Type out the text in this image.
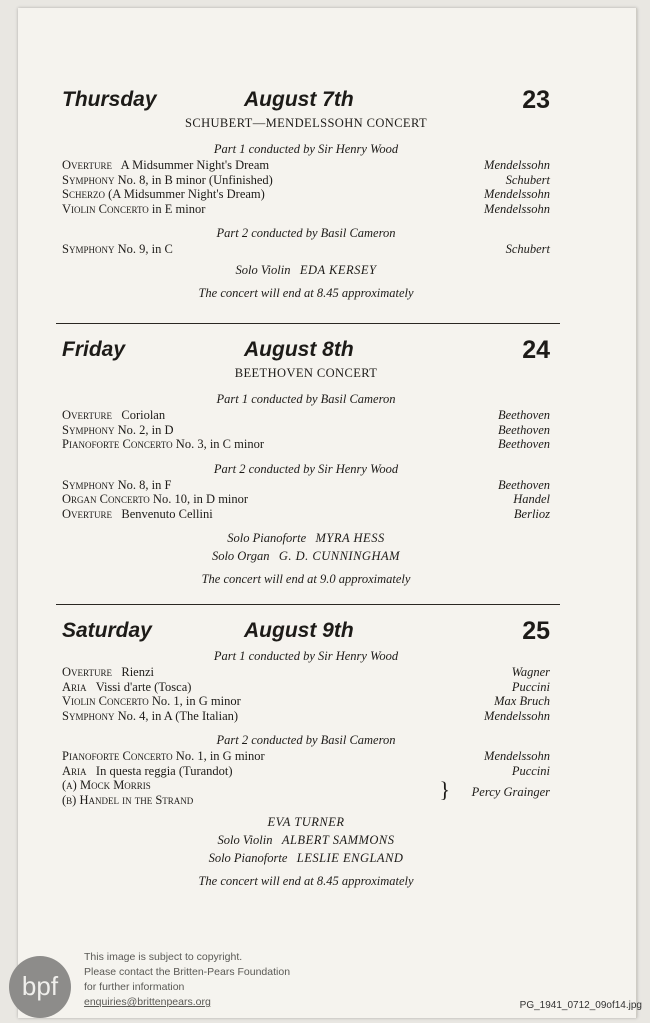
Thursday	August 7th	23
SCHUBERT—MENDELSSOHN CONCERT
Part 1 conducted by Sir Henry Wood
Overture A Midsummer Night's Dream	Mendelssohn
Symphony No. 8, in B minor (Unfinished)	Schubert
Scherzo (A Midsummer Night's Dream)	Mendelssohn
Violin Concerto in E minor	Mendelssohn
Part 2 conducted by Basil Cameron
Symphony No. 9, in C	Schubert
Solo Violin EDA KERSEY
The concert will end at 8.45 approximately
Friday	August 8th	24
BEETHOVEN CONCERT
Part 1 conducted by Basil Cameron
Overture Coriolan	Beethoven
Symphony No. 2, in D	Beethoven
Pianoforte Concerto No. 3, in C minor	Beethoven
Part 2 conducted by Sir Henry Wood
Symphony No. 8, in F	Beethoven
Organ Concerto No. 10, in D minor	Handel
Overture Benvenuto Cellini	Berlioz
Solo Pianoforte MYRA HESS
Solo Organ G. D. CUNNINGHAM
The concert will end at 9.0 approximately
Saturday	August 9th	25
Part 1 conducted by Sir Henry Wood
Overture Rienzi	Wagner
Aria Vissi d'arte (Tosca)	Puccini
Violin Concerto No. 1, in G minor	Max Bruch
Symphony No. 4, in A (The Italian)	Mendelssohn
Part 2 conducted by Basil Cameron
Pianoforte Concerto No. 1, in G minor	Mendelssohn
Aria In questa reggia (Turandot)	Puccini
(a) Mock Morris
(b) Handel in the Strand	} Percy Grainger
EVA TURNER
Solo Violin ALBERT SAMMONS
Solo Pianoforte LESLIE ENGLAND
The concert will end at 8.45 approximately
bpf
This image is subject to copyright.
Please contact the Britten-Pears Foundation
for further information
enquiries@brittenpears.org	PG_1941_0712_09of14.jpg
